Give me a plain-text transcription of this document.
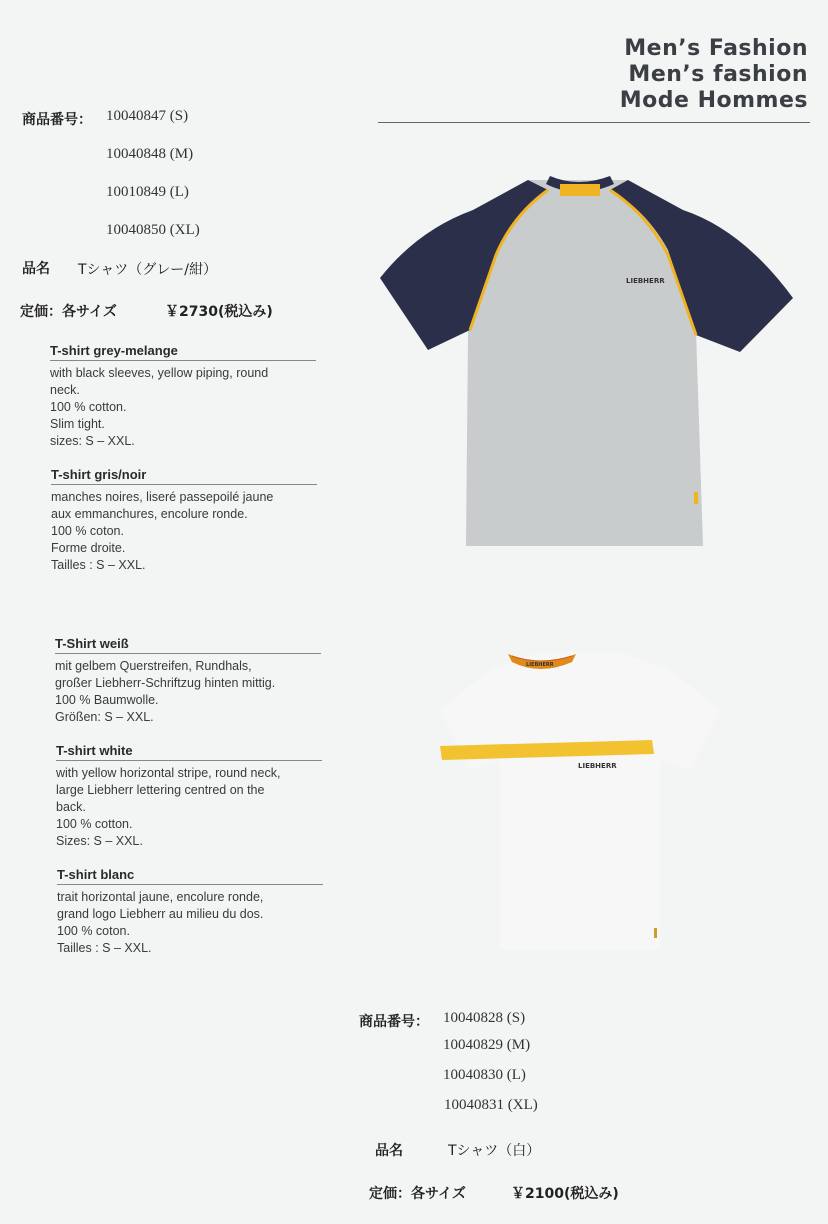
Men’s Fashion
Men’s fashion
Mode Hommes
商品番号： 10040847 (S)
10040848 (M)
10010849 (L)
10040850 (XL)
品名 Tシャツ（グレー/紺）
定価：各サイズ	￥2730(税込み)
T-shirt grey-melange
with black sleeves, yellow piping, round
neck.
100 % cotton.
Slim tight.
sizes: S – XXL.
T-shirt gris/noir
manches noires, liseré passepoilé jaune
aux emmanchures, encolure ronde.
100 % coton.
Forme droite.
Tailles : S – XXL.
LIEBHERR
T-Shirt weiß
mit gelbem Querstreifen, Rundhals,
großer Liebherr-Schriftzug hinten mittig.
100 % Baumwolle.
Größen: S – XXL.
T-shirt white
with yellow horizontal stripe, round neck,
large Liebherr lettering centred on the
back.
100 % cotton.
Sizes: S – XXL.
T-shirt blanc
trait horizontal jaune, encolure ronde,
grand logo Liebherr au milieu du dos.
100 % coton.
Tailles : S – XXL.
LIEBHERR
LIEBHERR
商品番号： 10040828 (S)
10040829 (M)
10040830 (L)
10040831 (XL)
品名	Tシャツ（白）
定価：各サイズ	￥2100(税込み)
